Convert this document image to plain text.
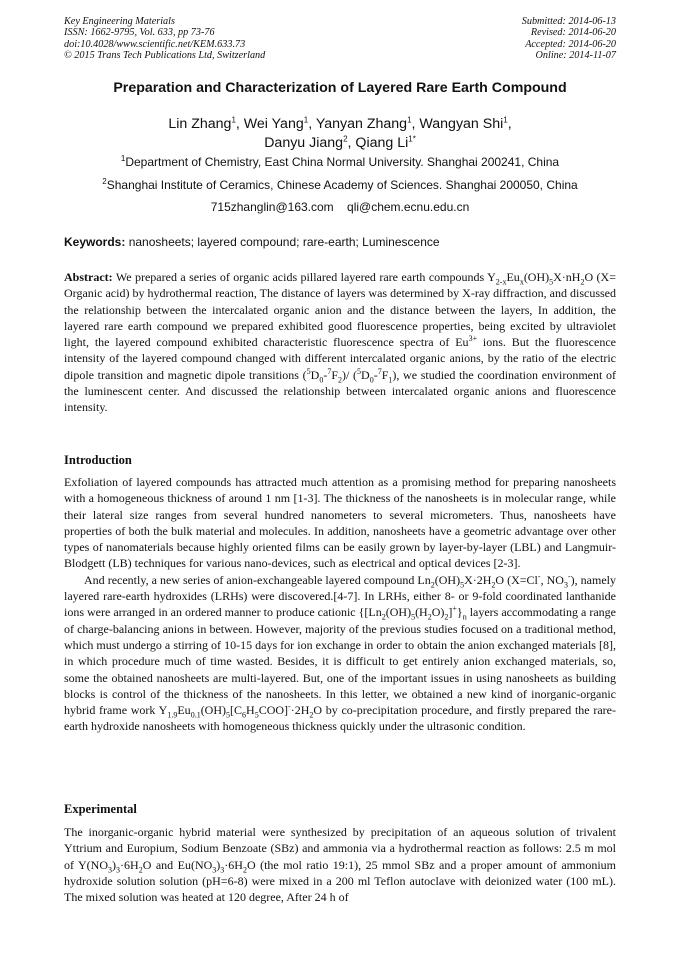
Key Engineering Materials
ISSN: 1662-9795, Vol. 633, pp 73-76
doi:10.4028/www.scientific.net/KEM.633.73
© 2015 Trans Tech Publications Ltd, Switzerland
Submitted: 2014-06-13
Revised: 2014-06-20
Accepted: 2014-06-20
Online: 2014-11-07
Preparation and Characterization of Layered Rare Earth Compound
Lin Zhang$^1$, Wei Yang$^1$, Yanyan Zhang$^1$, Wangyan Shi$^1$,
Danyu Jiang$^2$, Qiang $Li^{1*}$
$^1$Department of Chemistry, East China Normal University. Shanghai 200241, China
$^2$Shanghai Institute of Ceramics, Chinese Academy of Sciences. Shanghai 200050, China
715zhanglin@163.com qli@chem.ecnu.edu.cn
Keywords: nanosheets; layered compound; rare-earth; Luminescence

Abstract: We prepared a series of organic acids pillared layered rare earth compounds $Y_{2-x}Eu_x(OH)_5X\cdot nH_2O$ (X= Organic acid) by hydrothermal reaction, The distance of layers was determined by X-ray diffraction, and discussed the relationship between the intercalated organic anion and the distance between the layers, In addition, the layered rare earth compound we prepared exhibited good fluorescence properties, being excited by ultraviolet light, the layered compound exhibited characteristic fluorescence spectra of $Eu^{3+}$ ions. But the fluorescence intensity of the layered compound changed with different intercalated organic anions, by the ratio of the electric dipole transition and magnetic dipole transitions $(^5D_0-^7F_2)/$ $(^5D_0-^7F_1)$, we studied the coordination environment of the luminescent center. And discussed the relationship between intercalated organic anions and fluorescence intensity.

Introduction

Exfoliation of layered compounds has attracted much attention as a promising method for preparing nanosheets with a homogeneous thickness of around 1 nm [1-3]. The thickness of the nanosheets is in molecular range, while their lateral size ranges from several hundred nanometers to several micrometers. Thus, nanosheets have properties of both the bulk material and molecules. In addition, nanosheets have a geometric advantage over other types of nanomaterials because highly oriented films can be easily grown by layer-by-layer (LBL) and Langmuir-Blodgett (LB) techniques for various nano-devices, such as electrical and optical devices [2-3].

And recently, a new series of anion-exchangeable layered compound $Ln_2(OH)_5X\cdot 2H_2O$ (X=Cl-, $NO_3^-$), namely layered rare-earth hydroxides (LRHs) were discovered.[4-7]. In LRHs, either 8- or 9-fold coordinated lanthanide ions were arranged in an ordered manner to produce cationic $\{[Ln_2(OH)_5(H_2O)_2]^+\}_n$ layers accommodating a range of charge-balancing anions in between. However, majority of the previous studies focused on a traditional method, which must undergo a stirring of 10-15 days for ion exchange in order to obtain the anion exchanged materials [8], in which procedure much of time wasted. Besides, it is difficult to get entirely anion exchanged materials, so, some the obtained nanosheets are multi-layered. But, one of the important issues in using nanosheets as building blocks is control of the thickness of the nanosheets. In this letter, we obtained a new kind of inorganic-organic hybrid frame work $Y_{1.9}Eu_{0.1}(OH)_5[C_6H_5COO]^-\cdot 2H_2O$ by co-precipitation procedure, and firstly prepared the rare-earth hydroxide nanosheets with homogeneous thickness quickly under the ultrasonic condition.

Experimental

The inorganic-organic hybrid material were synthesized by precipitation of an aqueous solution of trivalent Yttrium and Europium, Sodium Benzoate (SBz) and ammonia via a hydrothermal reaction as follows: 2.5 m mol of $Y(NO_3)_3\cdot 6H_2O$ and $Eu(NO_3)_3\cdot 6H_2O$ (the mol ratio 19:1), 25 mmol SBz and a proper amount of ammonium hydroxide solution solution (pH=6-8) were mixed in a 200 ml Teflon autoclave with deionized water (100 mL). The mixed solution was heated at 120 degree, After 24 h of
